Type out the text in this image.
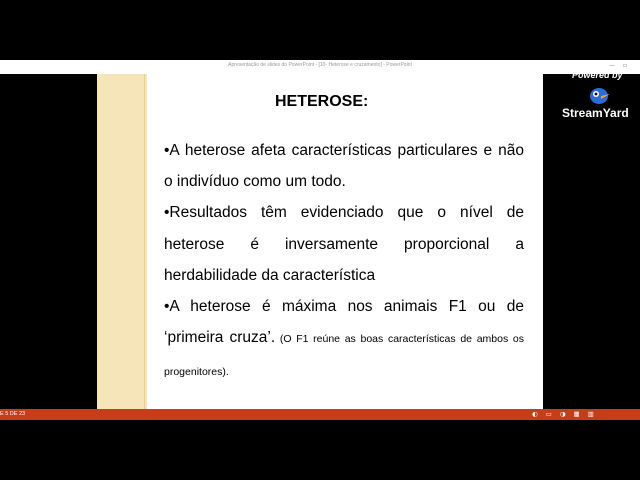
Apresentação de slides do PowerPoint - [10- Heterose e cruzamento] - PowerPoint	— ▫
HETEROSE:

•A heterose afeta características particulares e não o indivíduo como um todo.

•Resultados têm evidenciado que o nível de heterose é inversamente proporcional a herdabilidade da característica

•A heterose é máxima nos animais F1 ou de ‘primeira cruza’. (O F1 reúne as boas características de ambos os progenitores).

E 5 DE 23	◐ ▭ ◑ ▦ ▥
Powered by
StreamYard
